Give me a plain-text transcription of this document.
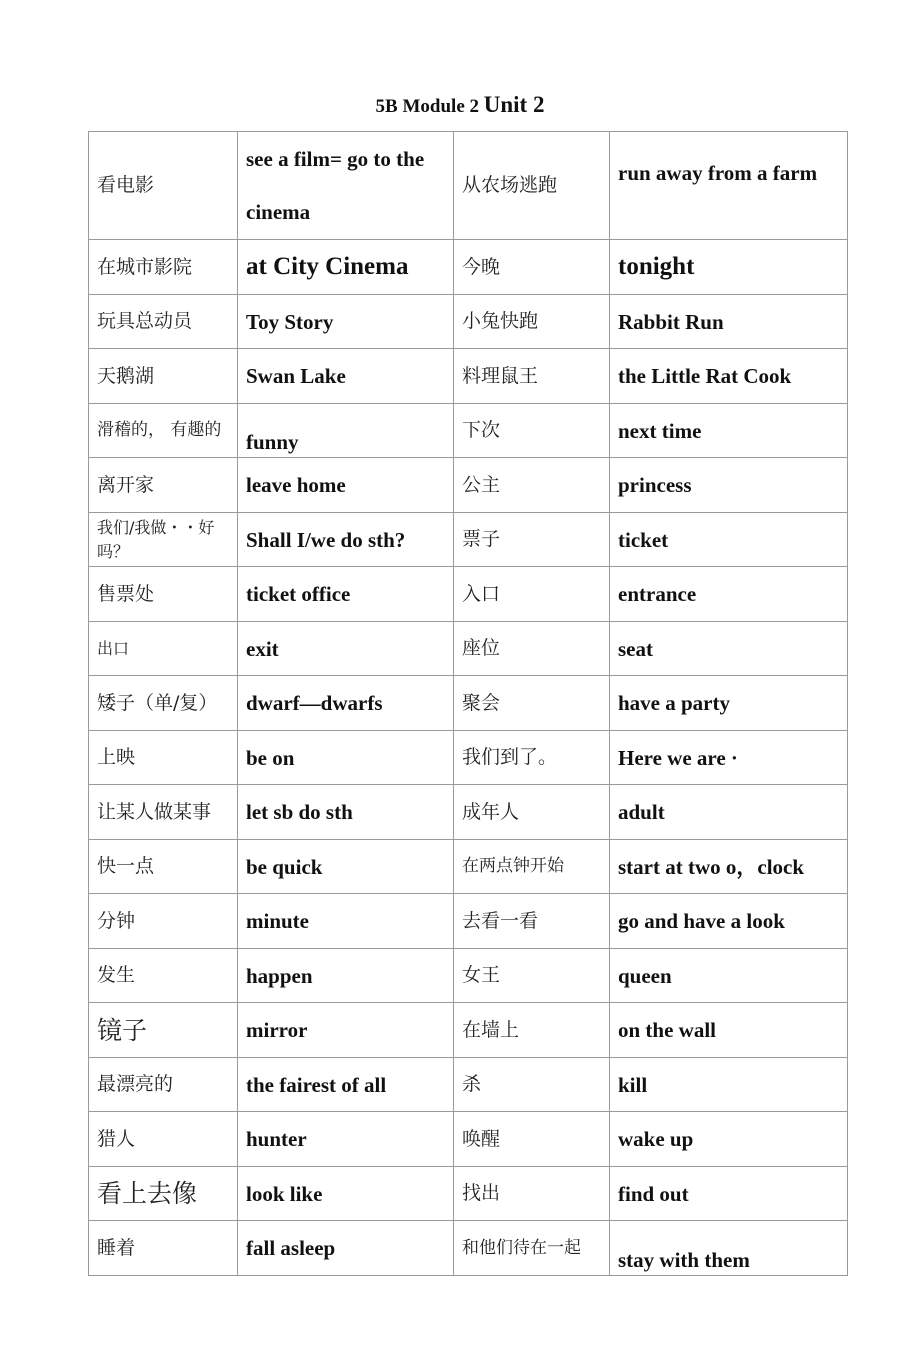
5B Module 2 Unit 2
看电影	see a film= go to the cinema	从农场逃跑	run away from a farm
在城市影院	at City Cinema	今晚	tonight
玩具总动员	Toy Story	小兔快跑	Rabbit Run
天鹅湖	Swan Lake	料理鼠王	the Little Rat Cook
滑稽的， 有趣的	funny	下次	next time
离开家	leave home	公主	princess
我们/我做・・好吗？	Shall I/we do sth?	票子	ticket
售票处	ticket office	入口	entrance
出口	exit	座位	seat
矮子（单/复）	dwarf—dwarfs	聚会	have a party
上映	be on	我们到了。	Here we are ·
让某人做某事	let sb do sth	成年人	adult
快一点	be quick	在两点钟开始	start at two o，clock
分钟	minute	去看一看	go and have a look
发生	happen	女王	queen
镜子	mirror	在墙上	on the wall
最漂亮的	the fairest of all	杀	kill
猎人	hunter	唤醒	wake up
看上去像	look like	找出	find out
睡着	fall asleep	和他们待在一起	stay with them
